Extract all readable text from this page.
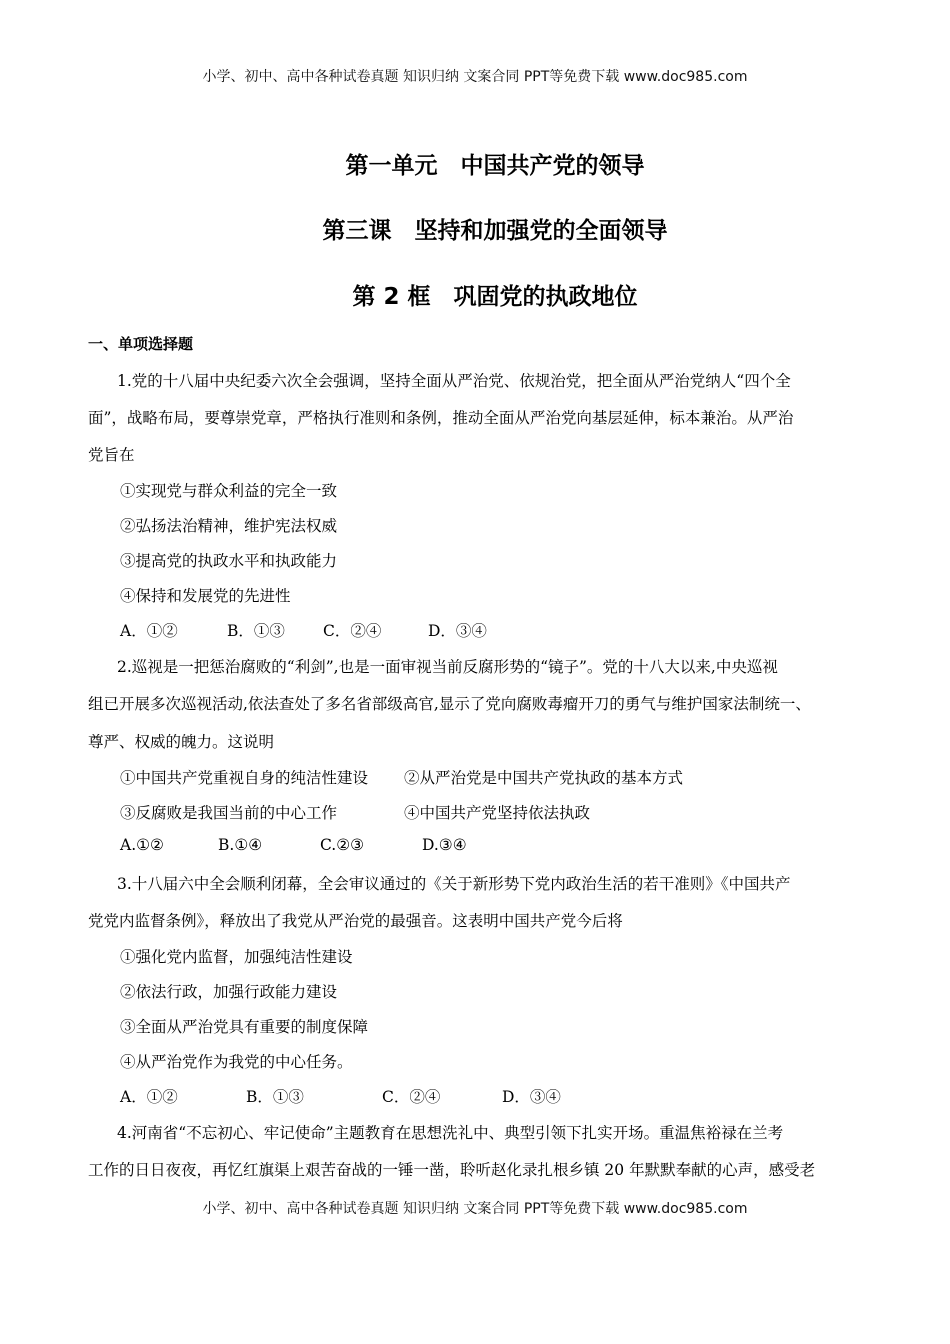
小学、初中、高中各种试卷真题 知识归纳 文案合同 PPT等免费下载 www.doc985.com
第一单元　中国共产党的领导
第三课　坚持和加强党的全面领导
第 2 框　巩固党的执政地位
一、单项选择题
1.党的十八届中央纪委六次全会强调，坚持全面从严治党、依规治党，把全面从严治党纳人“四个全
面”，战略布局，要尊崇党章，严格执行准则和条例，推动全面从严治党向基层延伸，标本兼治。从严治
党旨在
①实现党与群众利益的完全一致
②弘扬法治精神，维护宪法权威
③提高党的执政水平和执政能力
④保持和发展党的先进性
A．①②	B．①③ C．②④	D．③④
2.巡视是一把惩治腐败的“利剑”,也是一面审视当前反腐形势的“镜子”。党的十八大以来,中央巡视
组已开展多次巡视活动,依法查处了多名省部级高官,显示了党向腐败毒瘤开刀的勇气与维护国家法制统一、
尊严、权威的魄力。这说明
①中国共产党重视自身的纯洁性建设 ②从严治党是中国共产党执政的基本方式
③反腐败是我国当前的中心工作	④中国共产党坚持依法执政
A.①②	B.①④	C.②③	D.③④
3.十八届六中全会顺利闭幕，全会审议通过的《关于新形势下党内政治生活的若干准则》《中国共产
党党内监督条例》，释放出了我党从严治党的最强音。这表明中国共产党今后将
①强化党内监督，加强纯洁性建设
②依法行政，加强行政能力建设
③全面从严治党具有重要的制度保障
④从严治党作为我党的中心任务。
A．①②	B．①③	C．②④	D．③④
4.河南省“不忘初心、牢记使命”主题教育在思想洗礼中、典型引领下扎实开场。重温焦裕禄在兰考
工作的日日夜夜，再忆红旗渠上艰苦奋战的一锤一凿，聆听赵化录扎根乡镇 20 年默默奉献的心声，感受老
小学、初中、高中各种试卷真题 知识归纳 文案合同 PPT等免费下载 www.doc985.com
